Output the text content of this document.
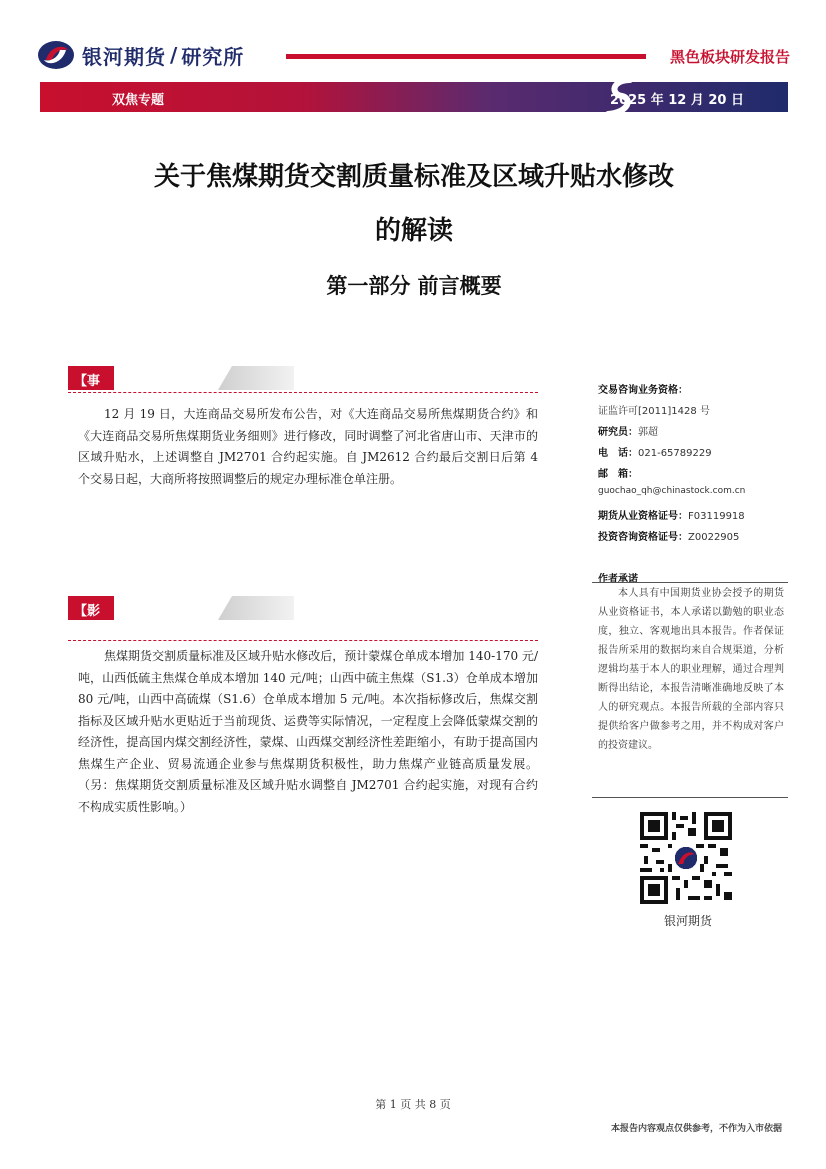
银河期货 / 研究所	黑色板块研发报告
双焦专题	2025 年 12 月 20 日
关于焦煤期货交割质量标准及区域升贴水修改
的解读
第一部分 前言概要
【事件回顾】 12 月 19 日，大连商品交易所发布公告，对《大连商品交易所焦煤期货合约》和《大连商品交易所焦煤期货业务细则》进行修改，同时调整了河北省唐山市、天津市的区域升贴水，上述调整自 JM2701 合约起实施。自 JM2612 合约最后交割日后第 4 个交易日起，大商所将按照调整后的规定办理标准仓单注册。

【影响分析】 焦煤期货交割质量标准及区域升贴水修改后，预计蒙煤仓单成本增加 140-170 元/吨，山西低硫主焦煤仓单成本增加 140 元/吨；山西中硫主焦煤（S1.3）仓单成本增加 80 元/吨，山西中高硫煤（S1.6）仓单成本增加 5 元/吨。本次指标修改后，焦煤交割指标及区域升贴水更贴近于当前现货、运费等实际情况，一定程度上会降低蒙煤交割的经济性，提高国内煤交割经济性，蒙煤、山西煤交割经济性差距缩小，有助于提高国内焦煤生产企业、贸易流通企业参与焦煤期货积极性，助力焦煤产业链高质量发展。（另：焦煤期货交割质量标准及区域升贴水调整自 JM2701 合约起实施，对现有合约不构成实质性影响。）

交易咨询业务资格：
证监许可[2011]1428 号
研究员：郭超
电　话：021-65789229
邮　箱：
guochao_qh@chinastock.com.cn
期货从业资格证号：F03119918
投资咨询资格证号：Z0022905
作者承诺

本人具有中国期货业协会授予的期货从业资格证书，本人承诺以勤勉的职业态度，独立、客观地出具本报告。作者保证报告所采用的数据均来自合规渠道，分析逻辑均基于本人的职业理解，通过合理判断得出结论，本报告清晰准确地反映了本人的研究观点。本报告所载的全部内容只提供给客户做参考之用，并不构成对客户的投资建议。

银河期货
第 1 页 共 8 页
本报告内容观点仅供参考，不作为入市依据
